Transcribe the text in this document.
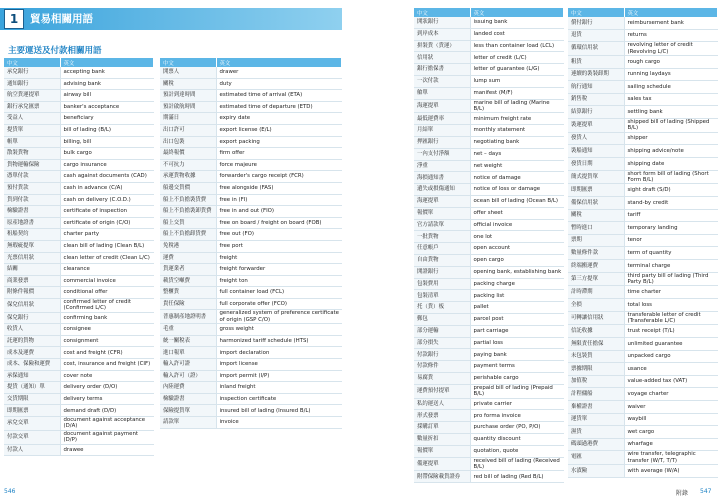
1	貿易相關用語
主要運送及付款相關用語
中文	英文
承兌銀行	accepting bank
通知銀行	advising bank
航空貨運提單	airway bill
銀行承兌匯票	banker's acceptance
受益人	beneficiary
提貨單	bill of lading (B/L)
帳單	billing, bill
散裝貨物	bulk cargo
貨物運輸保險	cargo insurance
憑單付款	cash against documents (CAD)
預付貨款	cash in advance (C/A)
貨到付款	cash on delivery (C.O.D.)
檢驗證書	certificate of inspection
原產地證書	certificate of origin (C/O)
租船契約	charter party
無瑕疵提單	clean bill of lading (Clean B/L)
光票信用狀	clean letter of credit (Clean L/C)
結關	clearance
商業發票	commercial invoice
附條件報價	conditional offer
保兌信用狀	confirmed letter of credit (Confirmed L/C)
保兌銀行	confirming bank
收貨人	consignee
託運的貨物	consignment
成本及運費	cost and freight (CFR)
成本、保險和運費	cost, insurance and freight (CIF)
承保通知	cover note
提貨（通知）單	delivery order (D/O)
交貨期限	delivery terms
即期匯票	demand draft (D/D)
承兌交單	document against acceptance (D/A)
付款交單	document against payment (D/P)
付款人	drawee
中文	英文
開票人	drawer
關稅	duty
預計到達時間	estimated time of arrival (ETA)
預計啟航時間	estimated time of departure (ETD)
期滿日	expiry date
出口許可	export license (E/L)
出口包裝	export packing
最終報價	firm offer
不可抗力	force majeure
承運貨物收據	forwarder's cargo receipt (FCR)
船邊交貨價	free alongside (FAS)
船上不負擔裝貨費	free in (FI)
船上不負擔裝卸貨費	free in and out (FIO)
船上交貨	free on board / freight on board (FOB)
船上不負擔卸貨費	free out (FO)
免稅港	free port
運費	freight
貨運業者	freight forwarder
載貨空噸費	freight ton
整櫃貨	full container load (FCL)
貴任保險	full corporate offer (FCO)
普惠制產地證明書	generalized system of preference certificate of origin (GSP C/O)
毛重	gross weight
統一關稅表	harmonized tariff schedule (HTS)
進口報單	import declaration
輸入許可證	import license
輸入許可（證）	import permit (I/P)
內陸運費	inland freight
檢驗證書	inspection certificate
保險提貨單	insured bill of lading (Insured B/L)
請款單	invoice
中文	英文
開狀銀行	issuing bank
到岸成本	landed cost
拼裝貨（貨運）	less than container load (LCL)
信用狀	letter of credit (L/C)
銀行擔保書	letter of guarantee (L/G)
一次付款	lump sum
艙單	manifest (M/F)
海運提單	marine bill of lading (Marine B/L)
最低運費率	minimum freight rate
月結單	monthly statement
押匯銀行	negotiating bank
一內支付淨額	net – days
淨重	net weight
海損通知書	notice of damage
遺失或損傷通知	notice of loss or damage
海運提單	ocean bill of lading (Ocean B/L)
報價單	offer sheet
官方請款單	official invoice
一批貨物	one lot
任意帳戶	open account
自由貨物	open cargo
開證銀行	opening bank, establishing bank
包裝費用	packing charge
包裝清單	packing list
托（貨）板	pallet
郵包	parcel post
部分運輸	part carriage
部分損失	partial loss
付款銀行	paying bank
付款條件	payment terms
易腐貨	perishable cargo
運費預付提單	prepaid bill of lading (Prepaid B/L)
私約運送人	private carrier
形式發票	pro forma invoice
採購訂單	purchase order (PO, P/O)
數量折扣	quantity discount
報價單	quotation, quote
備運提單	received bill of lading (Received B/L)
附帶保險載貨證券	red bill of lading (Red B/L)
中文	英文
償付銀行	reimbursement bank
退貨	returns
循環信用狀	revolving letter of credit (Revolving L/C)
粗貨	rough cargo
連續的裝裝卸期	running laydays
航行通知	sailing schedule
銷售稅	sales tax
結算銀行	settling bank
裝運提單	shipped bill of lading (Shipped B/L)
發貨人	shipper
裝船通知	shipping advice/note
發貨日期	shipping date
簡式提貨單	short form bill of lading (Short Form B/L)
即期匯票	sight draft (S/D)
備保信用狀	stand-by credit
關稅	tariff
暫時進口	temporary landing
票期	tenor
數量條件款	term of quantity
終端搬運費	terminal charge
第三方提單	third party bill of lading (Third Party B/L)
計時滯期	time charter
全損	total loss
可轉讓信用狀	transferable letter of credit (Transferable L/C)
信託收據	trust receipt (T/L)
無限責任擔保	unlimited guarantee
未包裝貨	unpacked cargo
票據期限	usance
加值稅	value-added tax (VAT)
計程傭船	voyage charter
棄權證書	waiver
運貨單	waybill
濕貨	wet cargo
碼頭過港費	wharfage
電匯	wire transfer, telegraphic transfer (W/T, T/T)
水漬險	with average (W/A)
546	附錄 547
